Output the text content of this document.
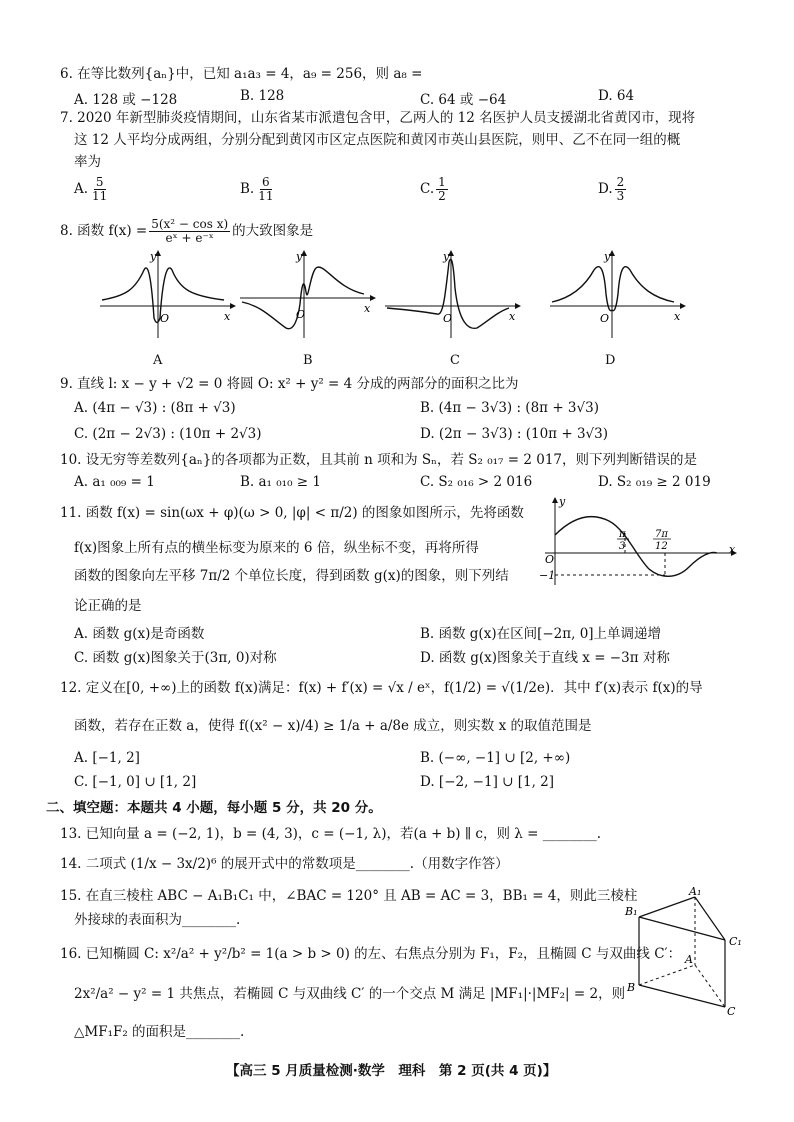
6. 在等比数列{aₙ}中，已知 a₁a₃ = 4，a₉ = 256，则 a₈ =
A. 128 或 −128	B. 128	C. 64 或 −64	D. 64
7. 2020 年新型肺炎疫情期间，山东省某市派遣包含甲，乙两人的 12 名医护人员支援湖北省黄冈市，现将
这 12 人平均分成两组，分别分配到黄冈市区定点医院和黄冈市英山县医院，则甲、乙不在同一组的概
率为
A. $\frac{5}{11}$	B. $\frac{6}{11}$	C. $\frac{1}{2}$	D. $\frac{2}{3}$
8. 函数 $f(x) = \frac{\text{5(x² − cos x)}}{\text{eˣ + e⁻ˣ}}$ 的大致图象是
y
x
O
A
y
x
O
B
y
x
O
C
y
x
O
D
9. 直线 l: x − y + √2 = 0 将圆 O: x² + y² = 4 分成的两部分的面积之比为
A. (4π − √3) : (8π + √3)	B. (4π − 3√3) : (8π + 3√3)
C. (2π − 2√3) : (10π + 2√3)	D. (2π − 3√3) : (10π + 3√3)
10. 设无穷等差数列{aₙ}的各项都为正数，且其前 n 项和为 Sₙ，若 S₂ ₀₁₇ = 2 017，则下列判断错误的是
A. a₁ ₀₀₉ = 1	B. a₁ ₀₁₀ ≥ 1	C. S₂ ₀₁₆ > 2 016	D. S₂ ₀₁₉ ≥ 2 019
11. 函数 f(x) = sin(ωx + φ)(ω > 0, |φ| < π/2) 的图象如图所示，先将函数
f(x)图象上所有点的横坐标变为原来的 6 倍，纵坐标不变，再将所得
函数的图象向左平移 7π/2 个单位长度，得到函数 g(x)的图象，则下列结
论正确的是
y
x
O
−1
π
3
7π
12
A. 函数 g(x)是奇函数	B. 函数 g(x)在区间[−2π, 0]上单调递增
C. 函数 g(x)图象关于(3π, 0)对称	D. 函数 g(x)图象关于直线 x = −3π 对称
12. 定义在[0, +∞)上的函数 f(x)满足：f(x) + f′(x) = √x / eˣ，f(1/2) = √(1/2e)．其中 f′(x)表示 f(x)的导
函数，若存在正数 a，使得 f((x² − x)/4) ≥ 1/a + a/8e 成立，则实数 x 的取值范围是
A. [−1, 2]	B. (−∞, −1] ∪ [2, +∞)
C. [−1, 0] ∪ [1, 2]	D. [−2, −1] ∪ [1, 2]
二、填空题：本题共 4 小题，每小题 5 分，共 20 分。
13. 已知向量 a = (−2, 1)，b = (4, 3)，c = (−1, λ)，若(a + b) ∥ c，则 λ = ________.
14. 二项式 (1/x − 3x/2)⁶ 的展开式中的常数项是________.（用数字作答）
15. 在直三棱柱 ABC − A₁B₁C₁ 中，∠BAC = 120° 且 AB = AC = 3，BB₁ = 4，则此三棱柱
外接球的表面积为________.
A₁
B₁
C₁
A
B
C
16. 已知椭圆 C: x²/a² + y²/b² = 1(a > b > 0) 的左、右焦点分别为 F₁，F₂，且椭圆 C 与双曲线 C′：
2x²/a² − y² = 1 共焦点，若椭圆 C 与双曲线 C′ 的一个交点 M 满足 |MF₁|·|MF₂| = 2，则
△MF₁F₂ 的面积是________.
【高三 5 月质量检测·数学　理科　第 2 页(共 4 页)】
